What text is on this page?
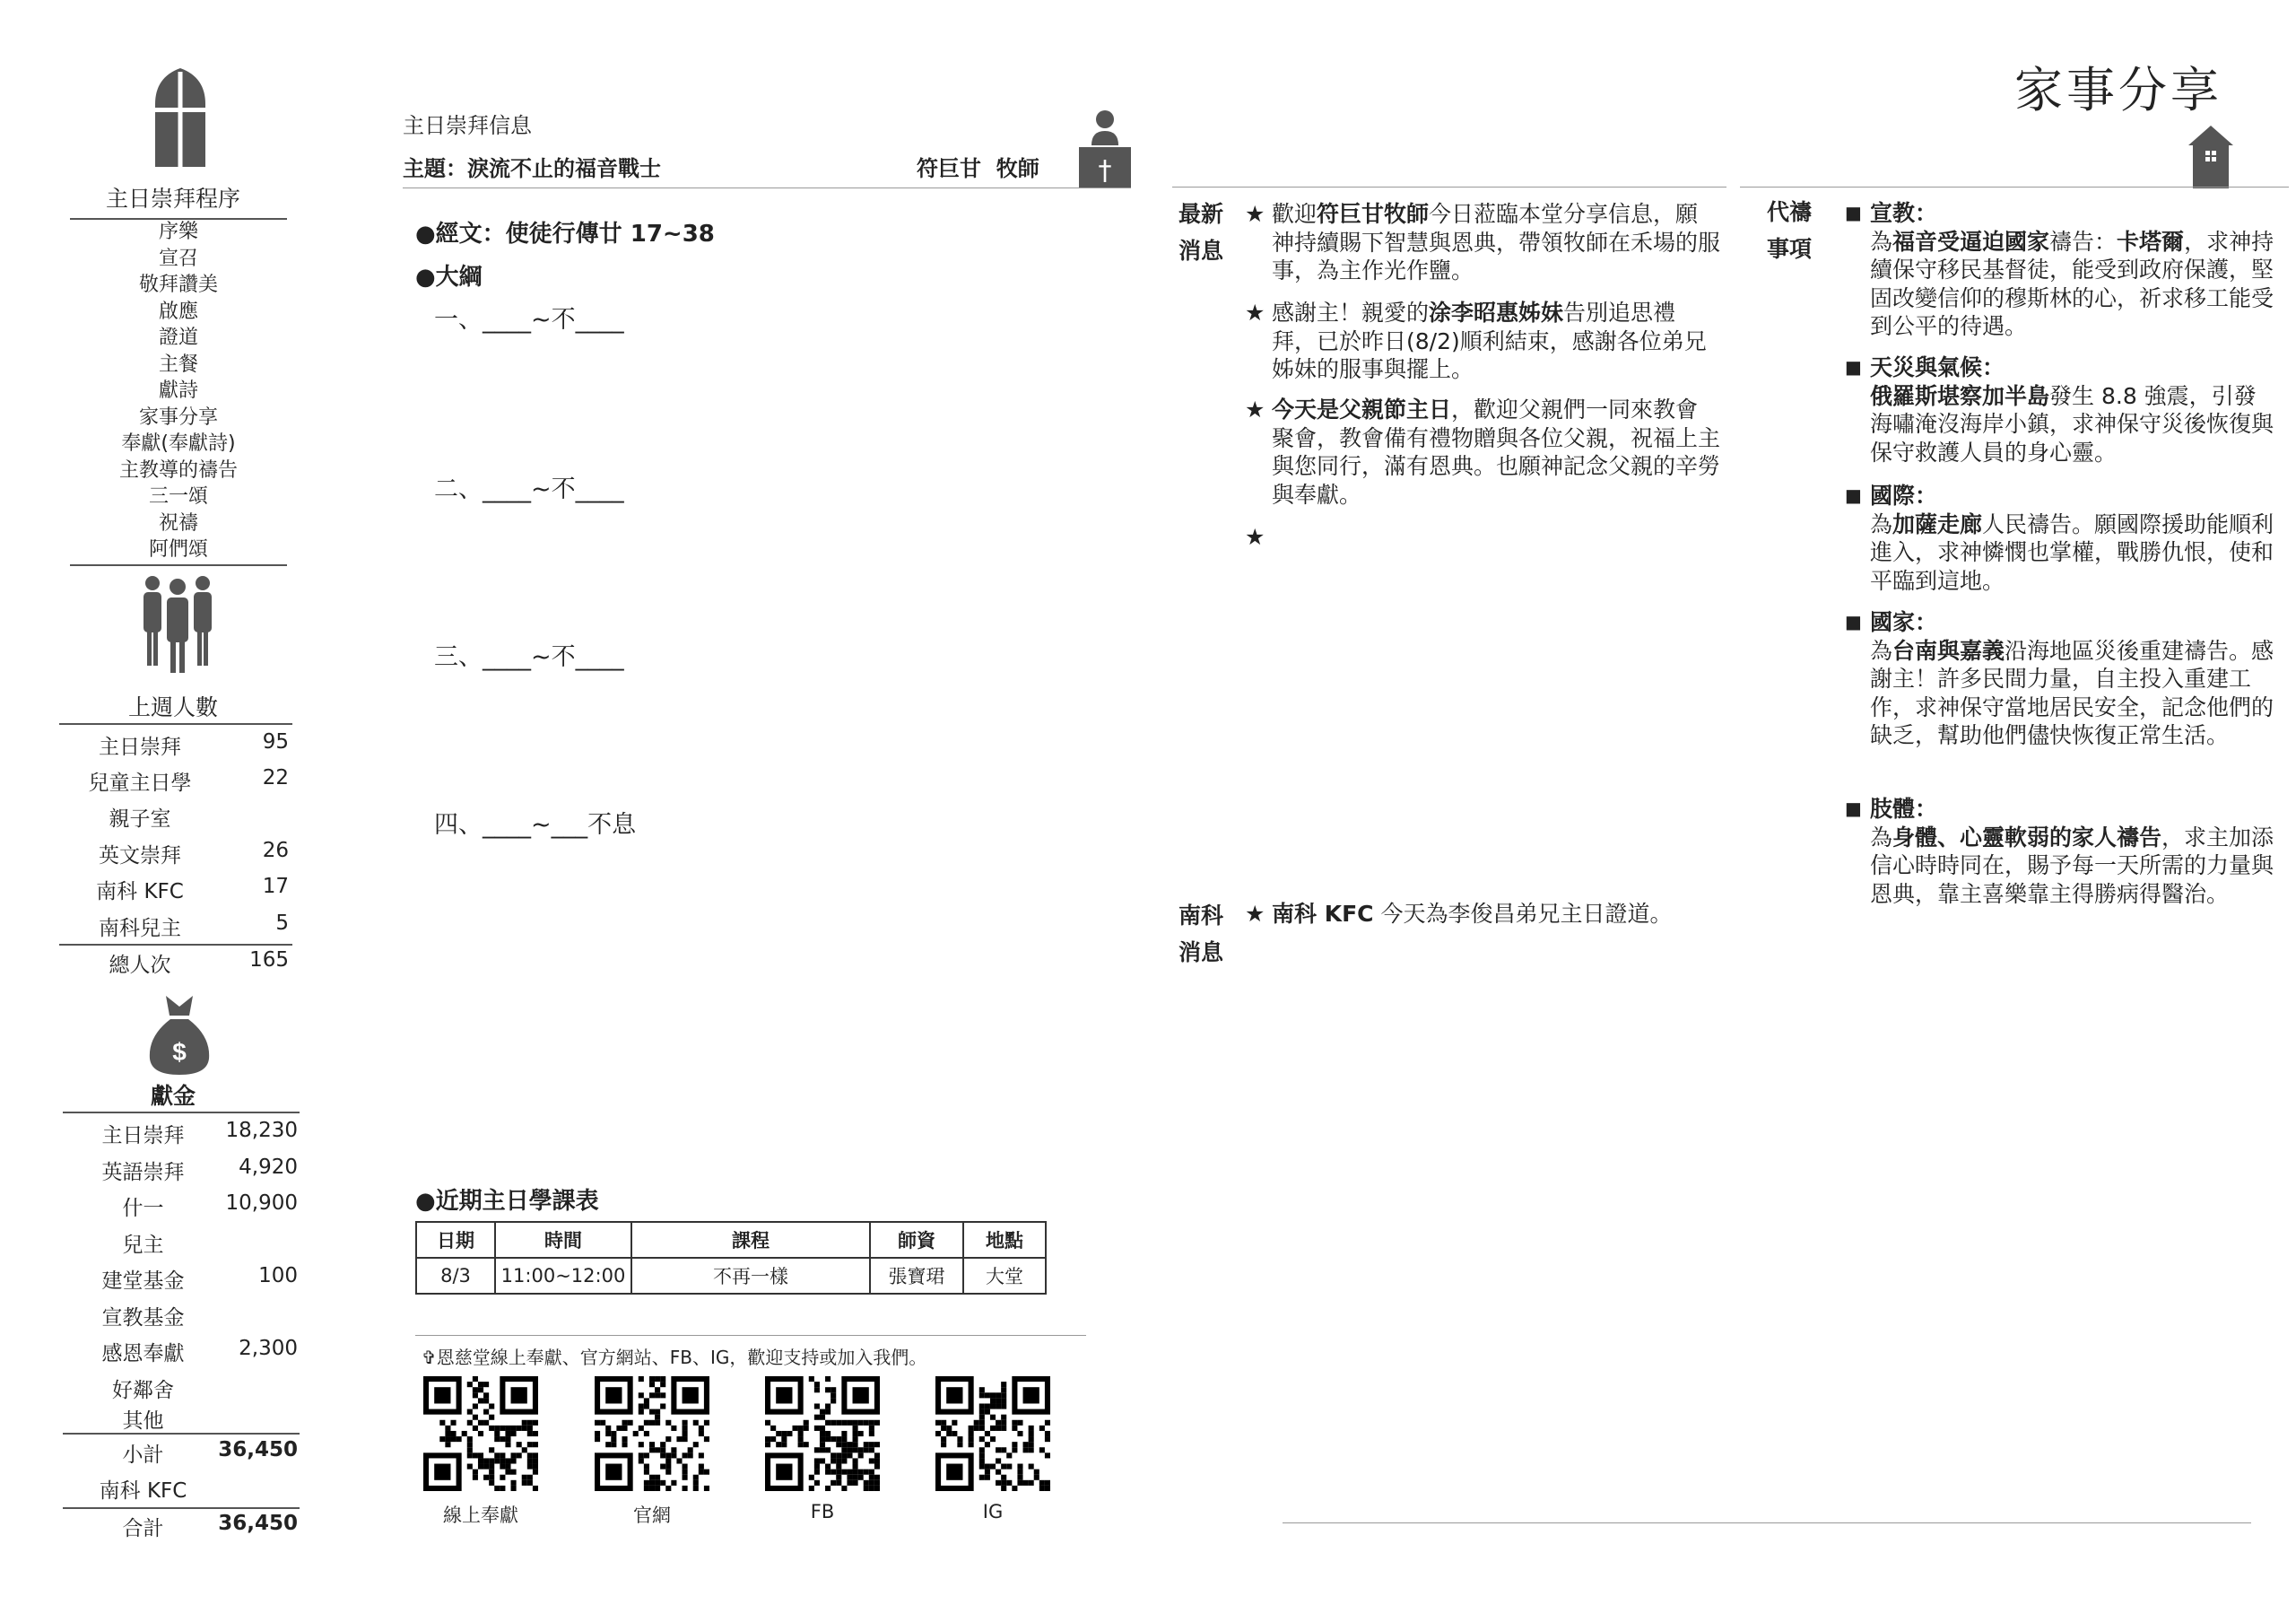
主日崇拜程序
序樂
宣召
敬拜讚美
啟應
證道
主餐
獻詩
家事分享
奉獻(奉獻詩)
主教導的禱告
三一頌
祝禱
阿們頌
上週人數
主日崇拜	95
兒童主日學	22
親子室
英文崇拜	26
南科 KFC	17
南科兒主	5
總人次	165
$
獻金
主日崇拜	18,230
英語崇拜	4,920
什一	10,900
兒主
建堂基金	100
宣教基金
感恩奉獻	2,300
好鄰舍
其他
小計	36,450
南科 KFC
合計	36,450
主日崇拜信息
主題：淚流不止的福音戰士	符巨甘  牧師 †
●經文：使徒行傳廿 17~38
●大綱
一、____~不____
二、____~不____
三、____~不____
四、____~___不息
●近期主日學課表
日期	時間	課程	師資	地點
8/3	11:00~12:00	不再一樣	張寶珺	大堂
✞恩慈堂線上奉獻、官方網站、FB、IG，歡迎支持或加入我們。
線上奉獻	官網	FB	IG
家事分享
最新
消息
★ 歡迎符巨甘牧師今日蒞臨本堂分享信息，願神持續賜下智慧與恩典，帶領牧師在禾場的服事，為主作光作鹽。
★ 感謝主！親愛的涂李昭惠姊妹告別追思禮拜，已於昨日(8/2)順利結束，感謝各位弟兄姊妹的服事與擺上。
★ 今天是父親節主日，歡迎父親們一同來教會聚會，教會備有禮物贈與各位父親，祝福上主與您同行，滿有恩典。也願神記念父親的辛勞與奉獻。
★
南科
消息
★ 南科 KFC 今天為李俊昌弟兄主日證道。
代禱
事項
■ 宣教：
為福音受逼迫國家禱告：卡塔爾，求神持續保守移民基督徒，能受到政府保護，堅固改變信仰的穆斯林的心，祈求移工能受到公平的待遇。
■ 天災與氣候：
俄羅斯堪察加半島發生 8.8 強震，引發海嘯淹沒海岸小鎮，求神保守災後恢復與保守救護人員的身心靈。
■ 國際：
為加薩走廊人民禱告。願國際援助能順利進入，求神憐憫也掌權，戰勝仇恨，使和平臨到這地。
■ 國家：
為台南與嘉義沿海地區災後重建禱告。感謝主！許多民間力量，自主投入重建工作，求神保守當地居民安全，記念他們的缺乏，幫助他們儘快恢復正常生活。
■ 肢體：
為身體、心靈軟弱的家人禱告，求主加添信心時時同在，賜予每一天所需的力量與恩典，靠主喜樂靠主得勝病得醫治。
